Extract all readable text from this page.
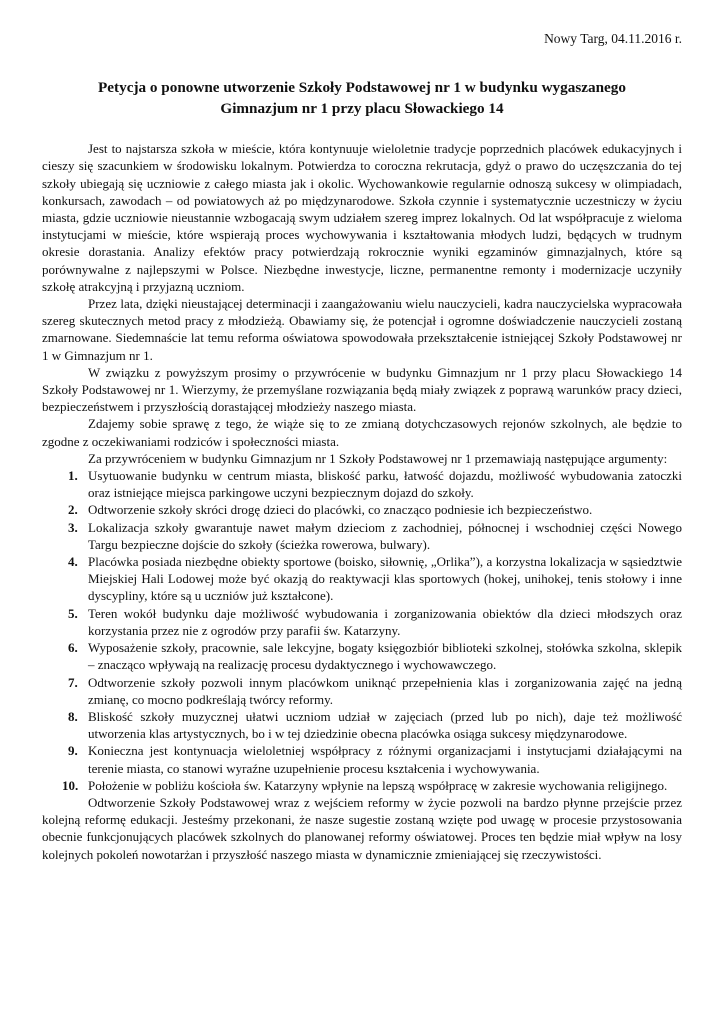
Nowy Targ, 04.11.2016 r.

Petycja o ponowne utworzenie Szkoły Podstawowej nr 1 w budynku wygaszanego
Gimnazjum nr 1 przy placu Słowackiego 14

Jest to najstarsza szkoła w mieście, która kontynuuje wieloletnie tradycje poprzednich placówek edukacyjnych i cieszy się szacunkiem w środowisku lokalnym. Potwierdza to coroczna rekrutacja, gdyż o prawo do uczęszczania do tej szkoły ubiegają się uczniowie z całego miasta jak i okolic. Wychowankowie regularnie odnoszą sukcesy w olimpiadach, konkursach, zawodach – od powiatowych aż po międzynarodowe. Szkoła czynnie i systematycznie uczestniczy w życiu miasta, gdzie uczniowie nieustannie wzbogacają swym udziałem szereg imprez lokalnych. Od lat współpracuje z wieloma instytucjami w mieście, które wspierają proces wychowywania i kształtowania młodych ludzi, będących w trudnym okresie dorastania. Analizy efektów pracy potwierdzają rokrocznie wyniki egzaminów gimnazjalnych, które są porównywalne z najlepszymi w Polsce. Niezbędne inwestycje, liczne, permanentne remonty i modernizacje uczyniły szkołę atrakcyjną i przyjazną uczniom.

Przez lata, dzięki nieustającej determinacji i zaangażowaniu wielu nauczycieli, kadra nauczycielska wypracowała szereg skutecznych metod pracy z młodzieżą. Obawiamy się, że potencjał i ogromne doświadczenie nauczycieli zostaną zmarnowane. Siedemnaście lat temu reforma oświatowa spowodowała przekształcenie istniejącej Szkoły Podstawowej nr 1 w Gimnazjum nr 1.

W związku z powyższym prosimy o przywrócenie w budynku Gimnazjum nr 1 przy placu Słowackiego 14 Szkoły Podstawowej nr 1. Wierzymy, że przemyślane rozwiązania będą miały związek z poprawą warunków pracy dzieci, bezpieczeństwem i przyszłością dorastającej młodzieży naszego miasta.

Zdajemy sobie sprawę z tego, że wiąże się to ze zmianą dotychczasowych rejonów szkolnych, ale będzie to zgodne z oczekiwaniami rodziców i społeczności miasta.

Za przywróceniem w budynku Gimnazjum nr 1 Szkoły Podstawowej nr 1 przemawiają następujące argumenty:

1. Usytuowanie budynku w centrum miasta, bliskość parku, łatwość dojazdu, możliwość wybudowania zatoczki oraz istniejące miejsca parkingowe uczyni bezpiecznym dojazd do szkoły.
2. Odtworzenie szkoły skróci drogę dzieci do placówki, co znacząco podniesie ich bezpieczeństwo.
3. Lokalizacja szkoły gwarantuje nawet małym dzieciom z zachodniej, północnej i wschodniej części Nowego Targu bezpieczne dojście do szkoły (ścieżka rowerowa, bulwary).
4. Placówka posiada niezbędne obiekty sportowe (boisko, siłownię, „Orlika”), a korzystna lokalizacja w sąsiedztwie Miejskiej Hali Lodowej może być okazją do reaktywacji klas sportowych (hokej, unihokej, tenis stołowy i inne dyscypliny, które są u uczniów już kształcone).
5. Teren wokół budynku daje możliwość wybudowania i zorganizowania obiektów dla dzieci młodszych oraz korzystania przez nie z ogrodów przy parafii św. Katarzyny.
6. Wyposażenie szkoły, pracownie, sale lekcyjne, bogaty księgozbiór biblioteki szkolnej, stołówka szkolna, sklepik – znacząco wpływają na realizację procesu dydaktycznego i wychowawczego.
7. Odtworzenie szkoły pozwoli innym placówkom uniknąć przepełnienia klas i zorganizowania zajęć na jedną zmianę, co mocno podkreślają twórcy reformy.
8. Bliskość szkoły muzycznej ułatwi uczniom udział w zajęciach (przed lub po nich), daje też możliwość utworzenia klas artystycznych, bo i w tej dziedzinie obecna placówka osiąga sukcesy międzynarodowe.
9. Konieczna jest kontynuacja wieloletniej współpracy z różnymi organizacjami i instytucjami działającymi na terenie miasta, co stanowi wyraźne uzupełnienie procesu kształcenia i wychowywania.
10. Położenie w pobliżu kościoła św. Katarzyny wpłynie na lepszą współpracę w zakresie wychowania religijnego.

Odtworzenie Szkoły Podstawowej wraz z wejściem reformy w życie pozwoli na bardzo płynne przejście przez kolejną reformę edukacji. Jesteśmy przekonani, że nasze sugestie zostaną wzięte pod uwagę w procesie przystosowania obecnie funkcjonujących placówek szkolnych do planowanej reformy oświatowej. Proces ten będzie miał wpływ na losy kolejnych pokoleń nowotarżan i przyszłość naszego miasta w dynamicznie zmieniającej się rzeczywistości.
